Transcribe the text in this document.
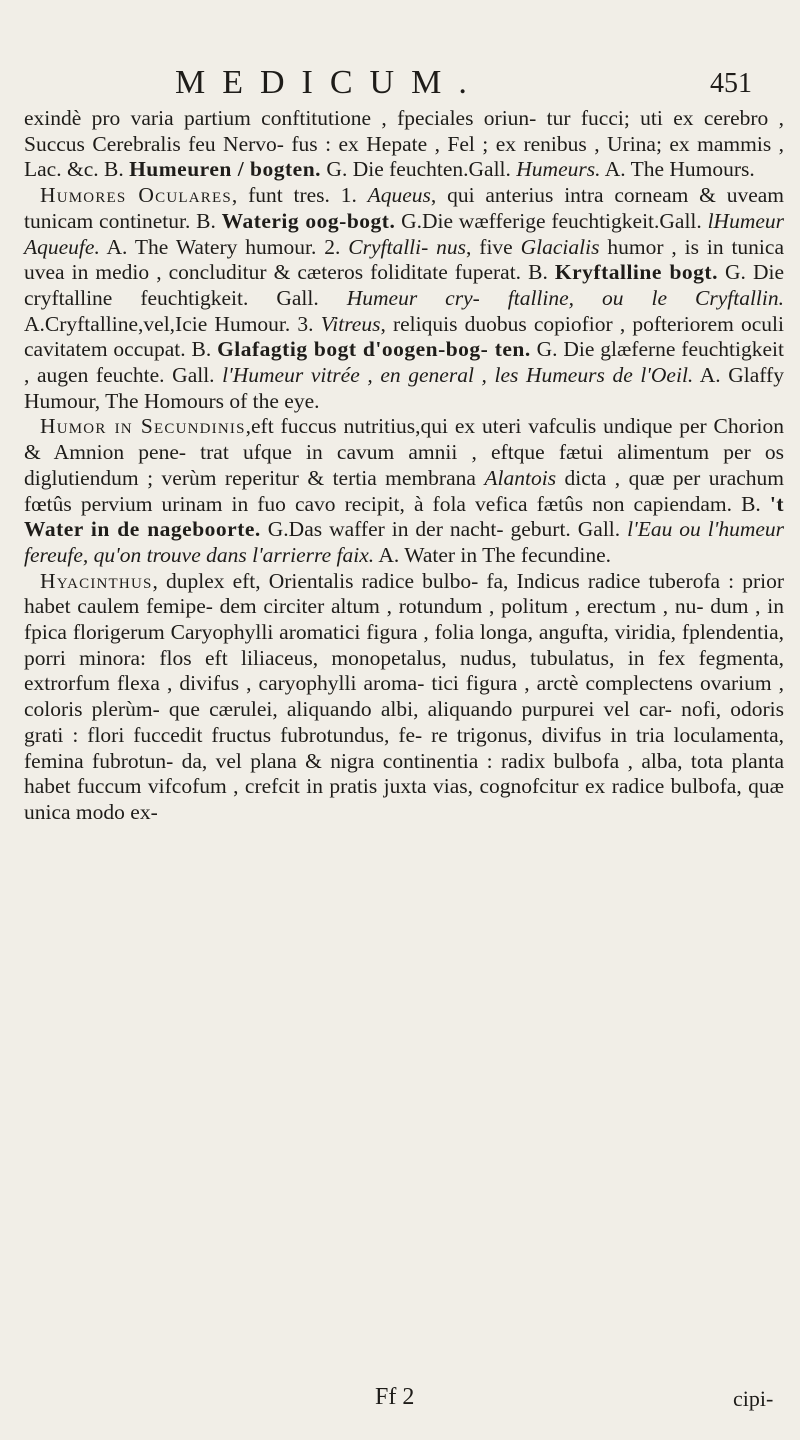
MEDICUM.	451

exindè pro varia partium conftitutione , fpeciales oriun- tur fucci; uti ex cerebro , Succus Cerebralis feu Nervo- fus : ex Hepate , Fel ; ex renibus , Urina; ex mammis , Lac. &c. B. Humeuren / bogten. G. Die feuchten.Gall. Humeurs. A. The Humours.

Humores Oculares, funt tres. 1. Aqueus, qui anterius intra corneam & uveam tunicam continetur. B. Waterig oog-bogt. G.Die wæfferige feuchtigkeit.Gall. lHumeur Aqueufe. A. The Watery humour. 2. Cryftalli- nus, five Glacialis humor , is in tunica uvea in medio , concluditur & cæteros foliditate fuperat. B. Kryftalline bogt. G. Die cryftalline feuchtigkeit. Gall. Humeur cry- ftalline, ou le Cryftallin. A.Cryftalline,vel,Icie Humour. 3. Vitreus, reliquis duobus copiofior , pofteriorem oculi cavitatem occupat. B. Glafagtig bogt d'oogen-bog- ten. G. Die glæferne feuchtigkeit , augen feuchte. Gall. l'Humeur vitrée , en general , les Humeurs de l'Oeil. A. Glaffy Humour, The Homours of the eye.

Humor in Secundinis,eft fuccus nutritius,qui ex uteri vafculis undique per Chorion & Amnion pene- trat ufque in cavum amnii , eftque fætui alimentum per os diglutiendum ; verùm reperitur & tertia membrana Alantois dicta , quæ per urachum fœtûs pervium urinam in fuo cavo recipit, à fola vefica fætûs non capiendam. B. 't Water in de nageboorte. G.Das waffer in der nacht- geburt. Gall. l'Eau ou l'humeur fereufe, qu'on trouve dans l'arrierre faix. A. Water in The fecundine.

Hyacinthus, duplex eft, Orientalis radice bulbo- fa, Indicus radice tuberofa : prior habet caulem femipe- dem circiter altum , rotundum , politum , erectum , nu- dum , in fpica florigerum Caryophylli aromatici figura , folia longa, angufta, viridia, fplendentia, porri minora: flos eft liliaceus, monopetalus, nudus, tubulatus, in fex fegmenta, extrorfum flexa , divifus , caryophylli aroma- tici figura , arctè complectens ovarium , coloris plerùm- que cærulei, aliquando albi, aliquando purpurei vel car- nofi, odoris grati : flori fuccedit fructus fubrotundus, fe- re trigonus, divifus in tria loculamenta, femina fubrotun- da, vel plana & nigra continentia : radix bulbofa , alba, tota planta habet fuccum vifcofum , crefcit in pratis juxta vias, cognofcitur ex radice bulbofa, quæ unica modo ex-

Ff 2	cipi-
